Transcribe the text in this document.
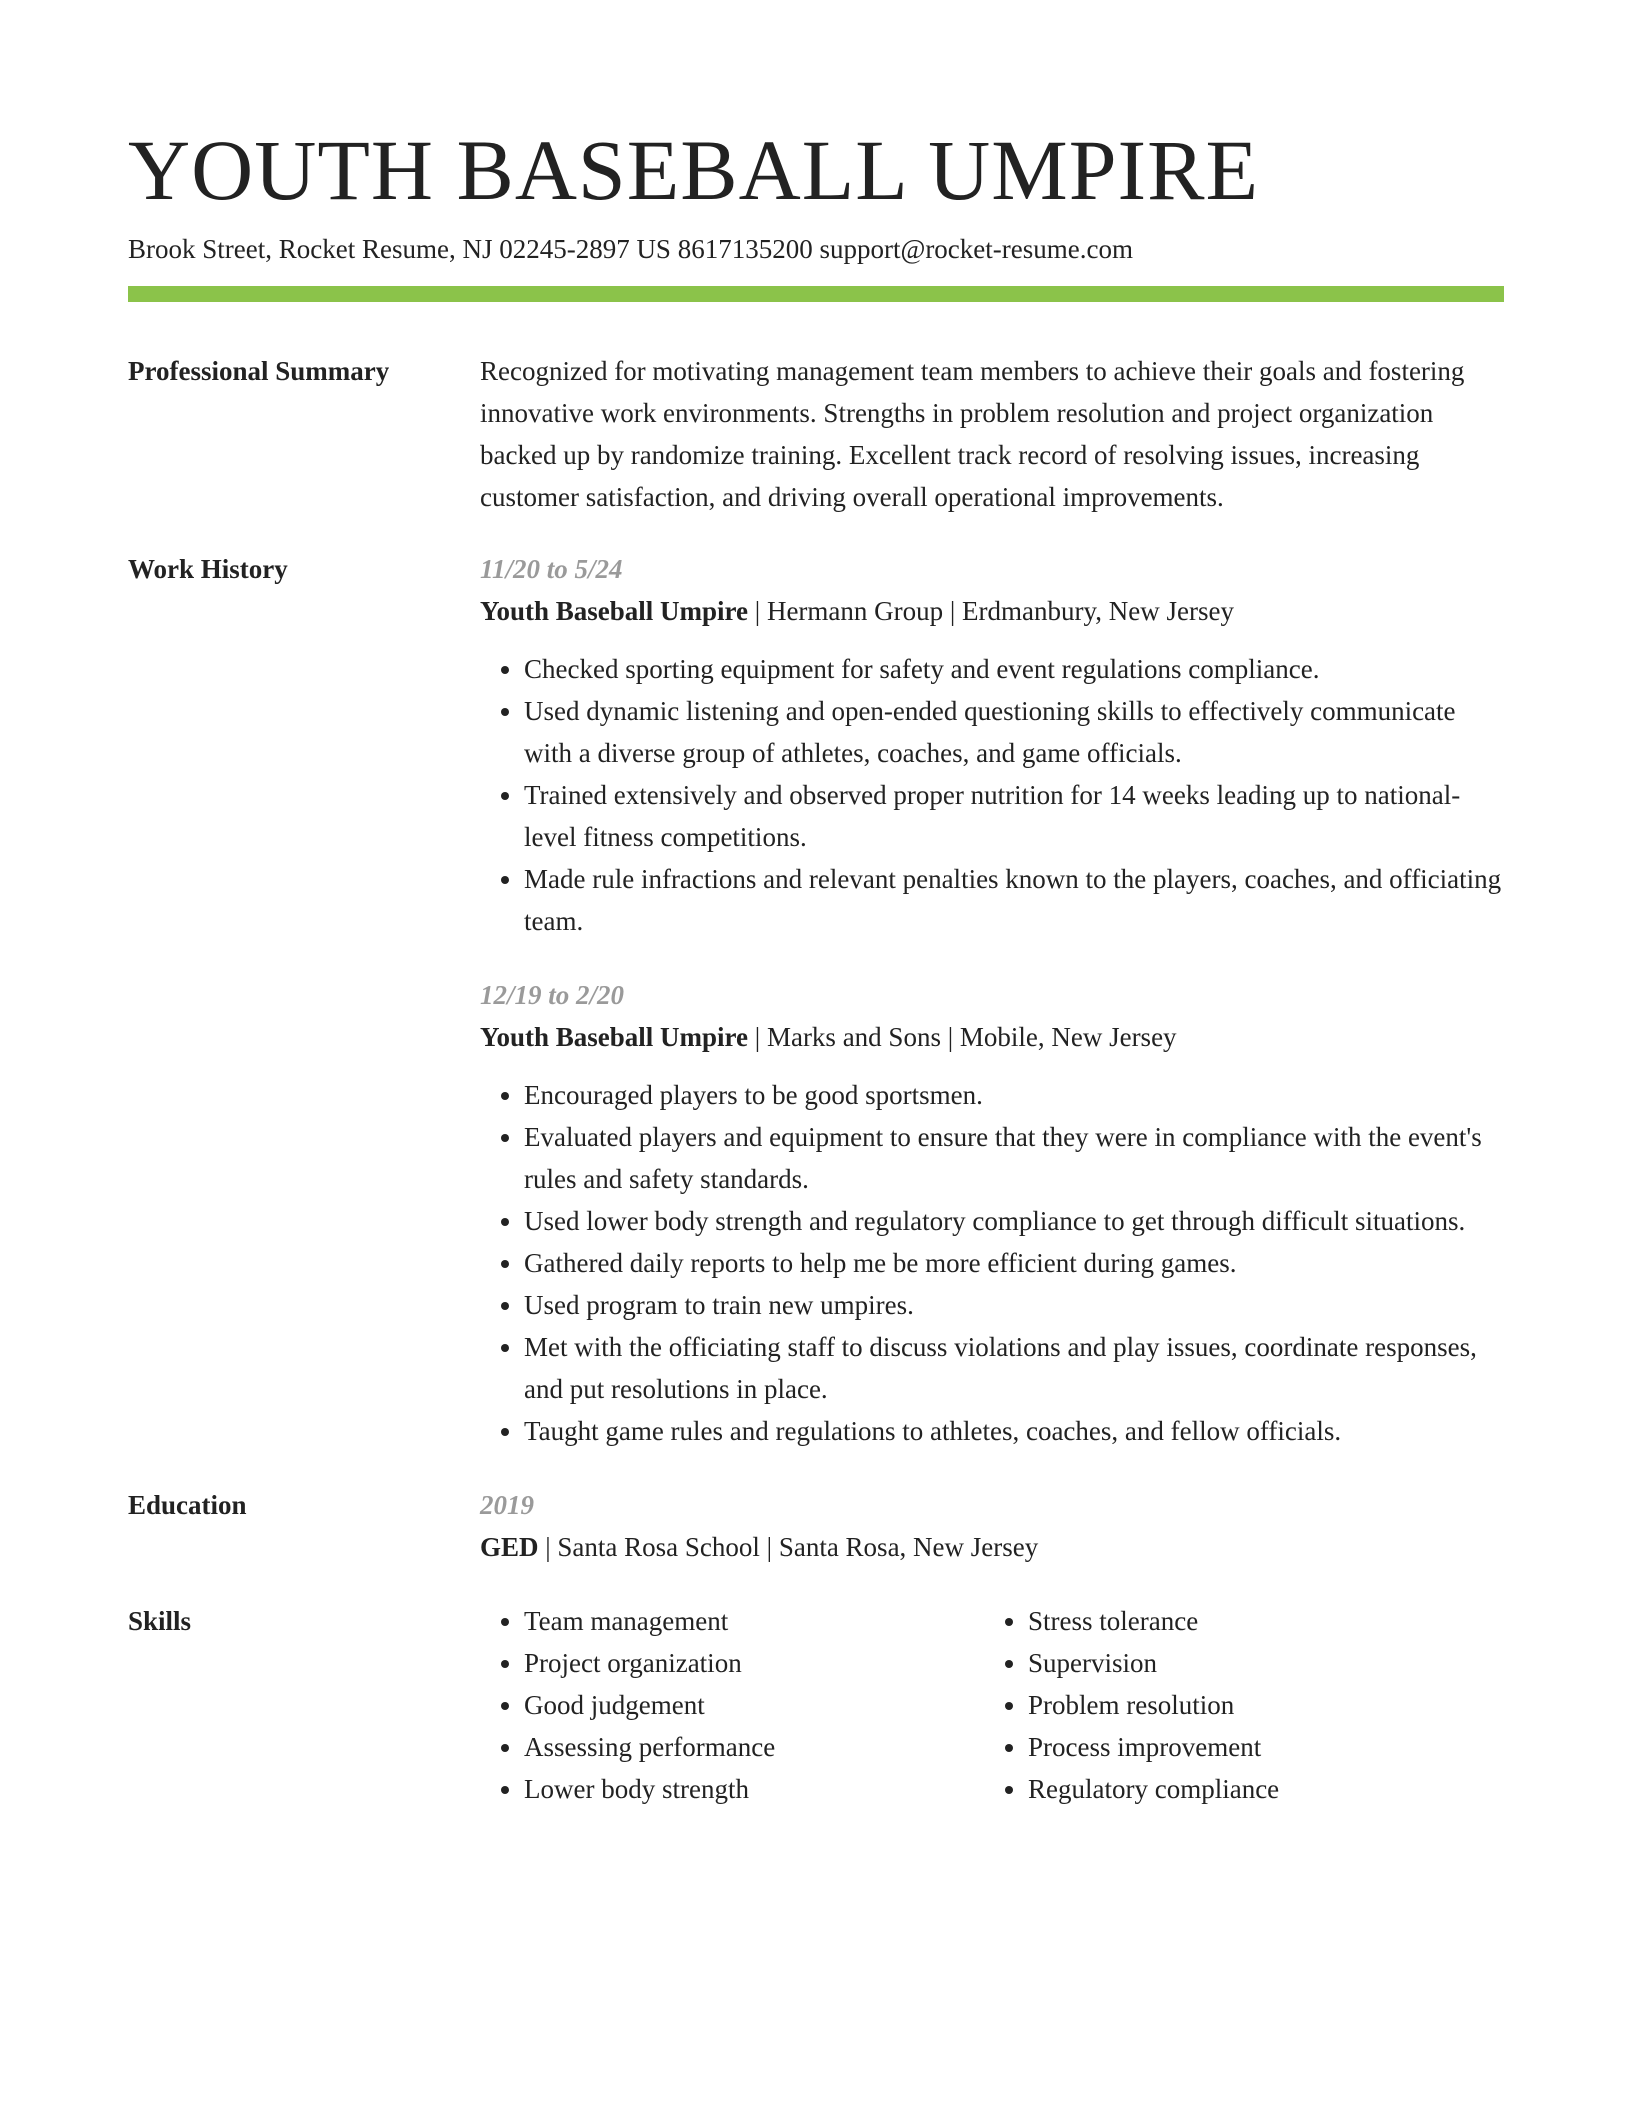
YOUTH BASEBALL UMPIRE
Brook Street, Rocket Resume, NJ 02245-2897 US 8617135200 support@rocket-resume.com
Professional Summary	Recognized for motivating management team members to achieve their goals and fostering innovative work environments. Strengths in problem resolution and project organization backed up by randomize training. Excellent track record of resolving issues, increasing customer satisfaction, and driving overall operational improvements.

Work History	11/20 to 5/24
Youth Baseball Umpire | Hermann Group | Erdmanbury, New Jersey
• Checked sporting equipment for safety and event regulations compliance.
• Used dynamic listening and open-ended questioning skills to effectively communicate with a diverse group of athletes, coaches, and game officials.
• Trained extensively and observed proper nutrition for 14 weeks leading up to national-level fitness competitions.
• Made rule infractions and relevant penalties known to the players, coaches, and officiating team.
12/19 to 2/20
Youth Baseball Umpire | Marks and Sons | Mobile, New Jersey
• Encouraged players to be good sportsmen.
• Evaluated players and equipment to ensure that they were in compliance with the event's rules and safety standards.
• Used lower body strength and regulatory compliance to get through difficult situations.
• Gathered daily reports to help me be more efficient during games.
• Used program to train new umpires.
• Met with the officiating staff to discuss violations and play issues, coordinate responses, and put resolutions in place.
• Taught game rules and regulations to athletes, coaches, and fellow officials.
Education	2019
GED | Santa Rosa School | Santa Rosa, New Jersey
Skills
•	Team management
• Project organization
• Good judgement
• Assessing performance
• Lower body strength
• Stress tolerance
• Supervision
• Problem resolution
• Process improvement
• Regulatory compliance
